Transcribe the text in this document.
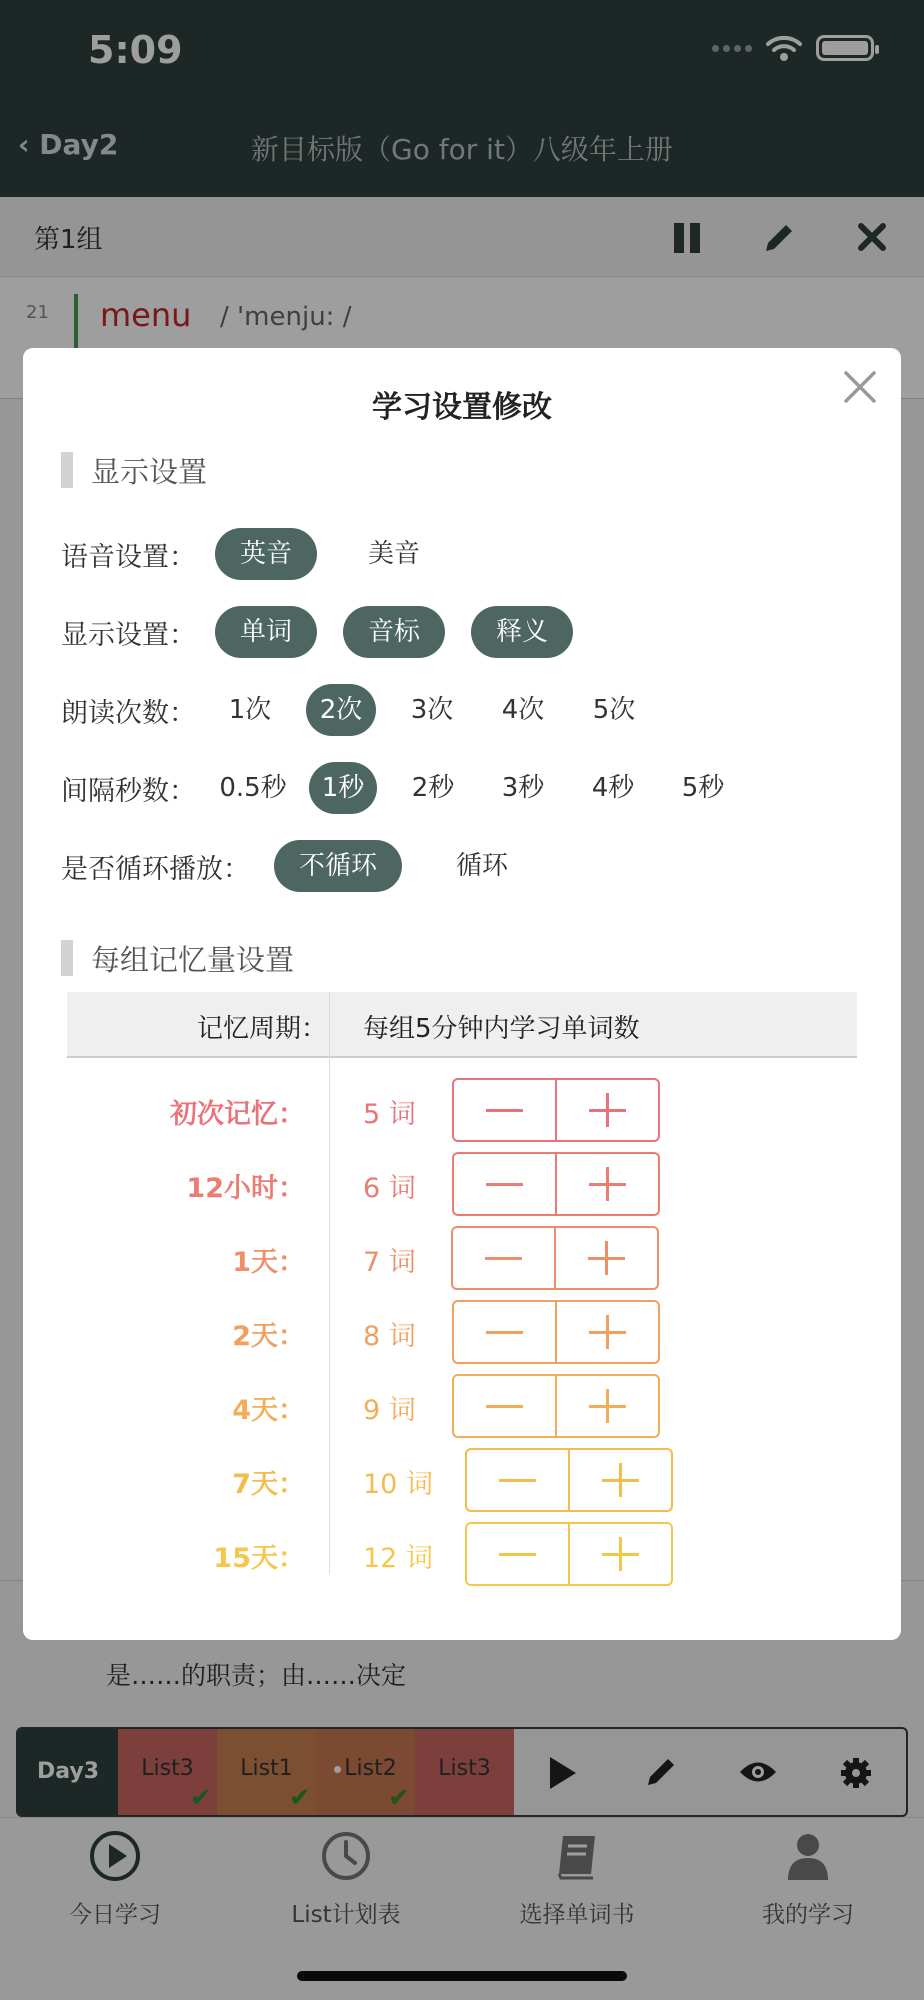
5:09
‹ Day2	新目标版（Go for it）八级年上册
第1组
21 menu / 'menju: /
是……的职责；由……决定
Day3	List3
✔
List1
✔
List2
✔
List3
今日学习	List计划表	选择单词书	我的学习
学习设置修改
显示设置
语音设置：	英音	美音
显示设置：	单词	音标	释义
朗读次数：	1次	2次	3次	4次	5次
间隔秒数： 0.5秒	1秒	2秒	3秒	4秒	5秒
是否循环播放：	不循环	循环
每组记忆量设置
记忆周期： 每组5分钟内学习单词数
初次记忆： 5 词
12小时： 6 词
1天： 7 词
2天： 8 词
4天： 9 词
7天： 10 词
15天： 12 词
